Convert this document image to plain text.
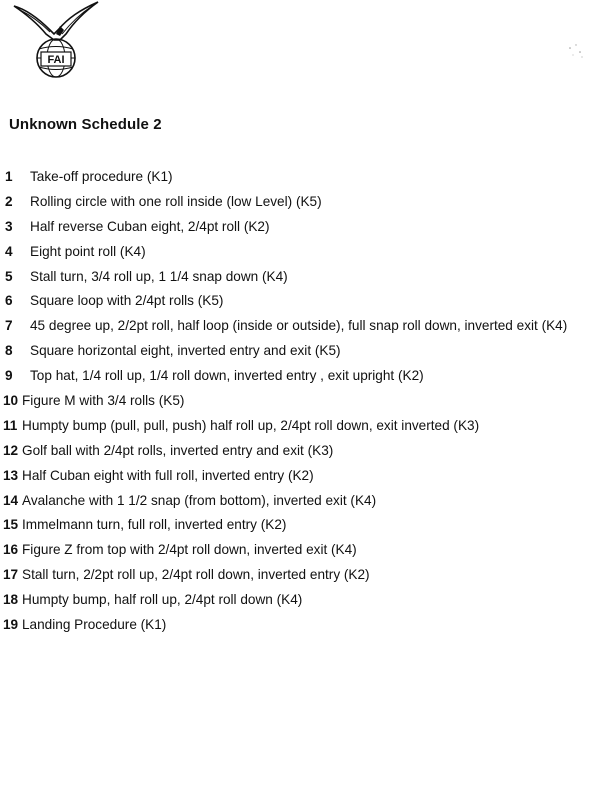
FAI
Unknown Schedule 2
1 Take-off procedure (K1)
2 Rolling circle with one roll inside (low Level) (K5)
3 Half reverse Cuban eight, 2/4pt roll (K2)
4 Eight point roll (K4)
5 Stall turn, 3/4 roll up, 1 1/4 snap down (K4)
6 Square loop with 2/4pt rolls (K5)
7 45 degree up, 2/2pt roll, half loop (inside or outside), full snap roll down, inverted exit (K4)
8 Square horizontal eight, inverted entry and exit (K5)
9 Top hat, 1/4 roll up, 1/4 roll down, inverted entry , exit upright (K2)
10 Figure M with 3/4 rolls (K5)
11 Humpty bump (pull, pull, push) half roll up, 2/4pt roll down, exit inverted (K3)
12 Golf ball with 2/4pt rolls, inverted entry and exit (K3)
13 Half Cuban eight with full roll, inverted entry (K2)
14 Avalanche with 1 1/2 snap (from bottom), inverted exit (K4)
15 Immelmann turn, full roll, inverted entry (K2)
16 Figure Z from top with 2/4pt roll down, inverted exit (K4)
17 Stall turn, 2/2pt roll up, 2/4pt roll down, inverted entry (K2)
18 Humpty bump, half roll up, 2/4pt roll down (K4)
19 Landing Procedure (K1)
